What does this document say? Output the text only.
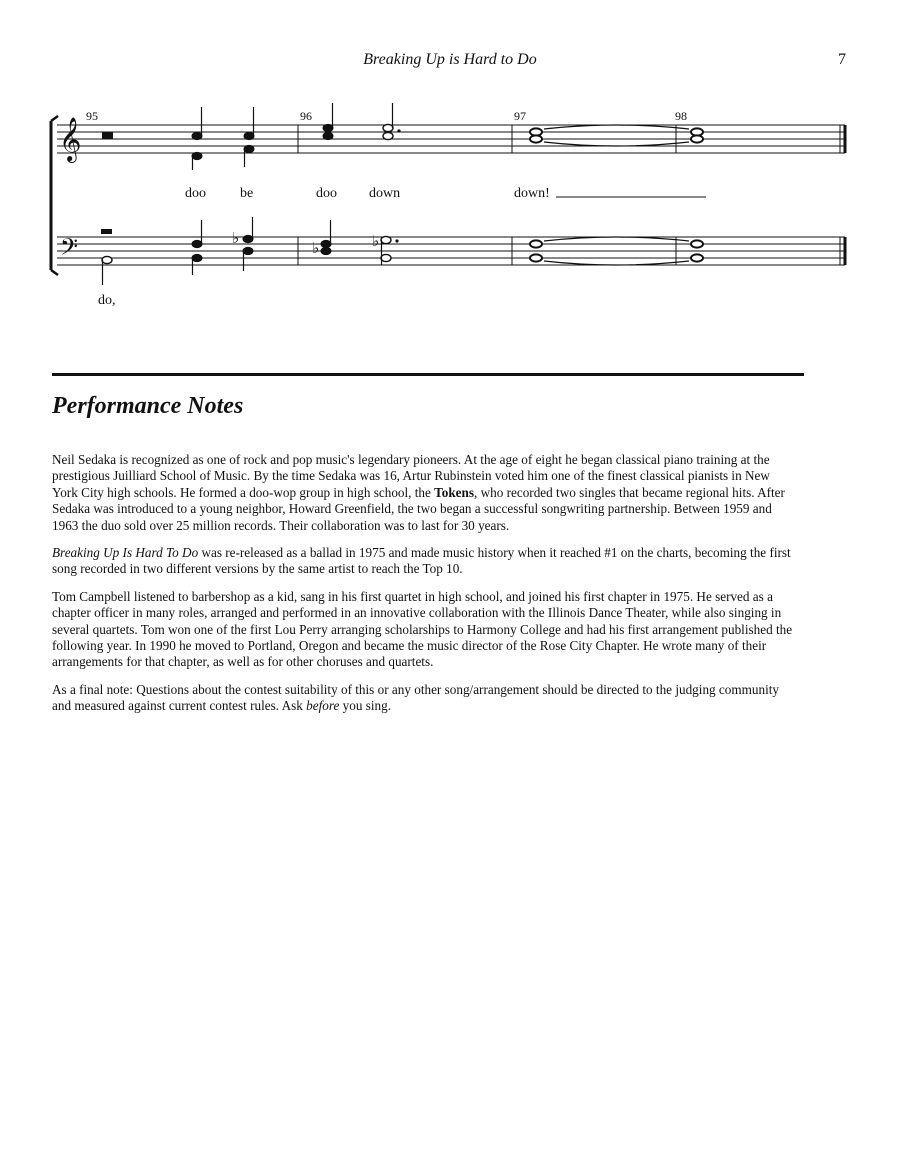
Breaking Up is Hard to Do	7
𝄞
𝄢
95	96	97	98
doo be	doo down	down!
♭
♭	♭
do,
Performance Notes

Neil Sedaka is recognized as one of rock and pop music's legendary pioneers. At the age of eight he began classical piano training at the prestigious Juilliard School of Music. By the time Sedaka was 16, Artur Rubinstein voted him one of the finest classical pianists in New York City high schools. He formed a doo-wop group in high school, the Tokens, who recorded two singles that became regional hits. After Sedaka was introduced to a young neighbor, Howard Greenfield, the two began a successful songwriting partnership. Between 1959 and 1963 the duo sold over 25 million records. Their collaboration was to last for 30 years.

Breaking Up Is Hard To Do was re-released as a ballad in 1975 and made music history when it reached #1 on the charts, becoming the first song recorded in two different versions by the same artist to reach the Top 10.

Tom Campbell listened to barbershop as a kid, sang in his first quartet in high school, and joined his first chapter in 1975. He served as a chapter officer in many roles, arranged and performed in an innovative collaboration with the Illinois Dance Theater, while also singing in several quartets. Tom won one of the first Lou Perry arranging scholarships to Harmony College and had his first arrangement published the following year. In 1990 he moved to Portland, Oregon and became the music director of the Rose City Chapter. He wrote many of their arrangements for that chapter, as well as for other choruses and quartets.

As a final note: Questions about the contest suitability of this or any other song/arrangement should be directed to the judging community and measured against current contest rules. Ask before you sing.
